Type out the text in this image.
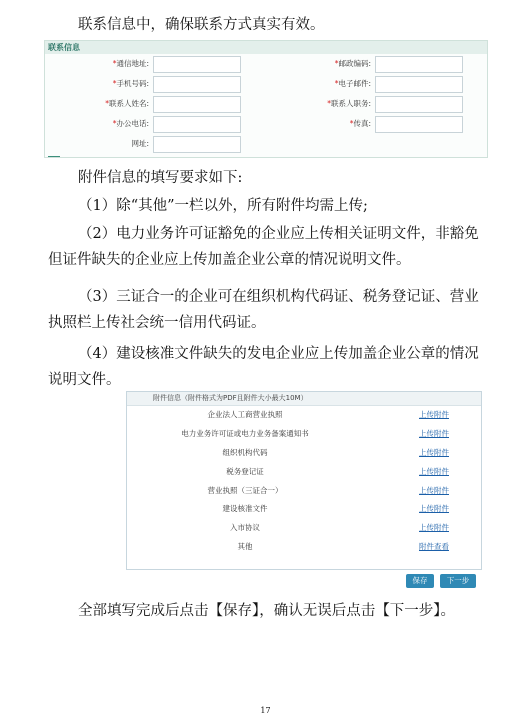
联系信息中，确保联系方式真实有效。
联系信息
*通信地址:	*邮政编码:
*手机号码:	*电子邮件:
*联系人姓名:	*联系人职务:
*办公电话:	*传真:
网址:
附件信息的填写要求如下:
（1）除“其他”一栏以外，所有附件均需上传;
（2）电力业务许可证豁免的企业应上传相关证明文件，非豁免但证件缺失的企业应上传加盖企业公章的情况说明文件。
（3）三证合一的企业可在组织机构代码证、税务登记证、营业执照栏上传社会统一信用代码证。
（4）建设核准文件缺失的发电企业应上传加盖企业公章的情况说明文件。
附件信息（附件格式为PDF且附件大小最大10M）
企业法人工商营业执照	上传附件
电力业务许可证或电力业务备案通知书	上传附件
组织机构代码	上传附件
税务登记证	上传附件
营业执照（三证合一）	上传附件
建设核准文件	上传附件
入市协议	上传附件
其他	附件查看
保存	下一步
全部填写完成后点击【保存】，确认无误后点击【下一步】。
17
